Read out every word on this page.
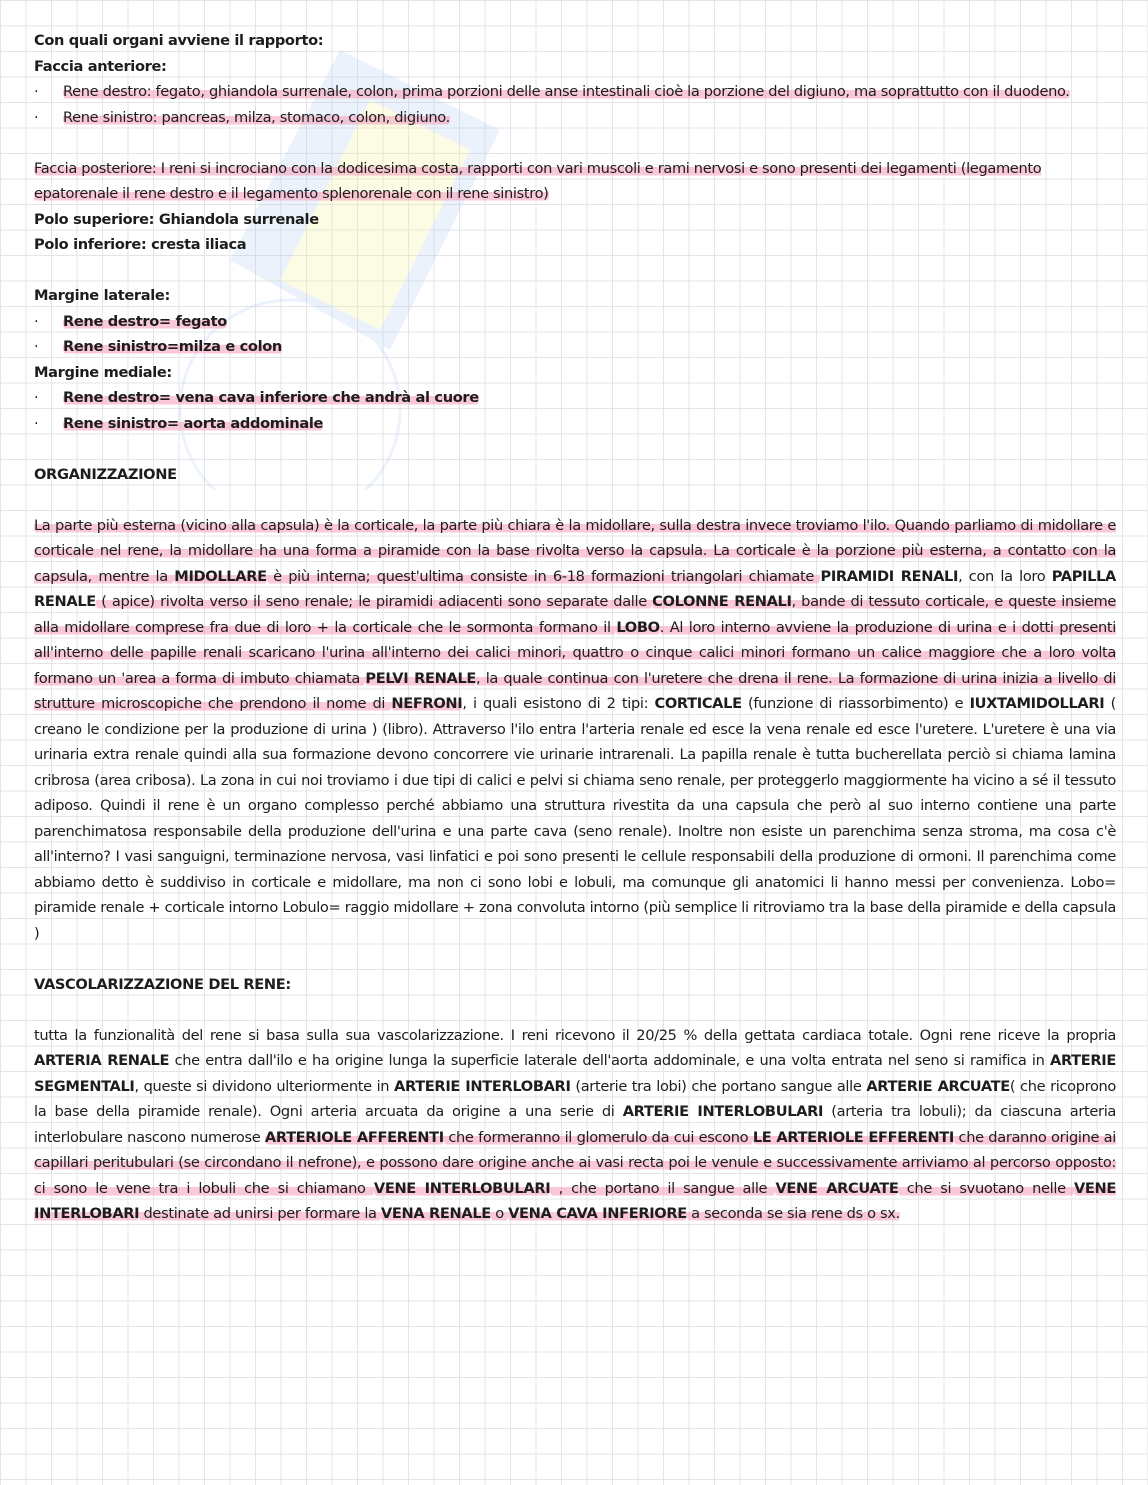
Con quali organi avviene il rapporto:

Faccia anteriore:

·	Rene destro: fegato, ghiandola surrenale, colon, prima porzioni delle anse intestinali cioè la porzione del digiuno, ma soprattutto con il duodeno.

·	Rene sinistro: pancreas, milza, stomaco, colon, digiuno.

Faccia posteriore: I reni si incrociano con la dodicesima costa, rapporti con vari muscoli e rami nervosi e sono presenti dei legamenti (legamento epatorenale il rene destro e il legamento splenorenale con il rene sinistro)

Polo superiore: Ghiandola surrenale

Polo inferiore: cresta iliaca

Margine laterale:

·	Rene destro= fegato

·	Rene sinistro=milza e colon

Margine mediale:

·	Rene destro= vena cava inferiore che andrà al cuore

·	Rene sinistro= aorta addominale

ORGANIZZAZIONE

La parte più esterna (vicino alla capsula) è la corticale, la parte più chiara è la midollare, sulla destra invece troviamo l'ilo. Quando parliamo di midollare e corticale nel rene, la midollare ha una forma a piramide con la base rivolta verso la capsula. La corticale è la porzione più esterna, a contatto con la capsula, mentre la MIDOLLARE è più interna; quest'ultima consiste in 6-18 formazioni triangolari chiamate PIRAMIDI RENALI, con la loro PAPILLA RENALE ( apice) rivolta verso il seno renale; le piramidi adiacenti sono separate dalle COLONNE RENALI, bande di tessuto corticale, e queste insieme alla midollare comprese fra due di loro + la corticale che le sormonta formano il LOBO. Al loro interno avviene la produzione di urina e i dotti presenti all'interno delle papille renali scaricano l'urina all'interno dei calici minori, quattro o cinque calici minori formano un calice maggiore che a loro volta formano un 'area a forma di imbuto chiamata PELVI RENALE, la quale continua con l'uretere che drena il rene. La formazione di urina inizia a livello di strutture microscopiche che prendono il nome di NEFRONI, i quali esistono di 2 tipi: CORTICALE (funzione di riassorbimento) e IUXTAMIDOLLARI ( creano le condizione per la produzione di urina ) (libro). Attraverso l'ilo entra l'arteria renale ed esce la vena renale ed esce l'uretere. L'uretere è una via urinaria extra renale quindi alla sua formazione devono concorrere vie urinarie intrarenali. La papilla renale è tutta bucherellata perciò si chiama lamina cribrosa (area cribosa). La zona in cui noi troviamo i due tipi di calici e pelvi si chiama seno renale, per proteggerlo maggiormente ha vicino a sé il tessuto adiposo. Quindi il rene è un organo complesso perché abbiamo una struttura rivestita da una capsula che però al suo interno contiene una parte parenchimatosa responsabile della produzione dell'urina e una parte cava (seno renale). Inoltre non esiste un parenchima senza stroma, ma cosa c'è all'interno? I vasi sanguigni, terminazione nervosa, vasi linfatici e poi sono presenti le cellule responsabili della produzione di ormoni. Il parenchima come abbiamo detto è suddiviso in corticale e midollare, ma non ci sono lobi e lobuli, ma comunque gli anatomici li hanno messi per convenienza. Lobo= piramide renale + corticale intorno Lobulo= raggio midollare + zona convoluta intorno (più semplice li ritroviamo tra la base della piramide e della capsula )

VASCOLARIZZAZIONE DEL RENE:

tutta la funzionalità del rene si basa sulla sua vascolarizzazione. I reni ricevono il 20/25 % della gettata cardiaca totale. Ogni rene riceve la propria ARTERIA RENALE che entra dall'ilo e ha origine lunga la superficie laterale dell'aorta addominale, e una volta entrata nel seno si ramifica in ARTERIE SEGMENTALI, queste si dividono ulteriormente in ARTERIE INTERLOBARI (arterie tra lobi) che portano sangue alle ARTERIE ARCUATE( che ricoprono la base della piramide renale). Ogni arteria arcuata da origine a una serie di ARTERIE INTERLOBULARI (arteria tra lobuli); da ciascuna arteria interlobulare nascono numerose ARTERIOLE AFFERENTI che formeranno il glomerulo da cui escono LE ARTERIOLE EFFERENTI che daranno origine ai capillari peritubulari (se circondano il nefrone), e possono dare origine anche ai vasi recta poi le venule e successivamente arriviamo al percorso opposto: ci sono le vene tra i lobuli che si chiamano VENE INTERLOBULARI , che portano il sangue alle VENE ARCUATE che si svuotano nelle VENE INTERLOBARI destinate ad unirsi per formare la VENA RENALE o VENA CAVA INFERIORE a seconda se sia rene ds o sx.
